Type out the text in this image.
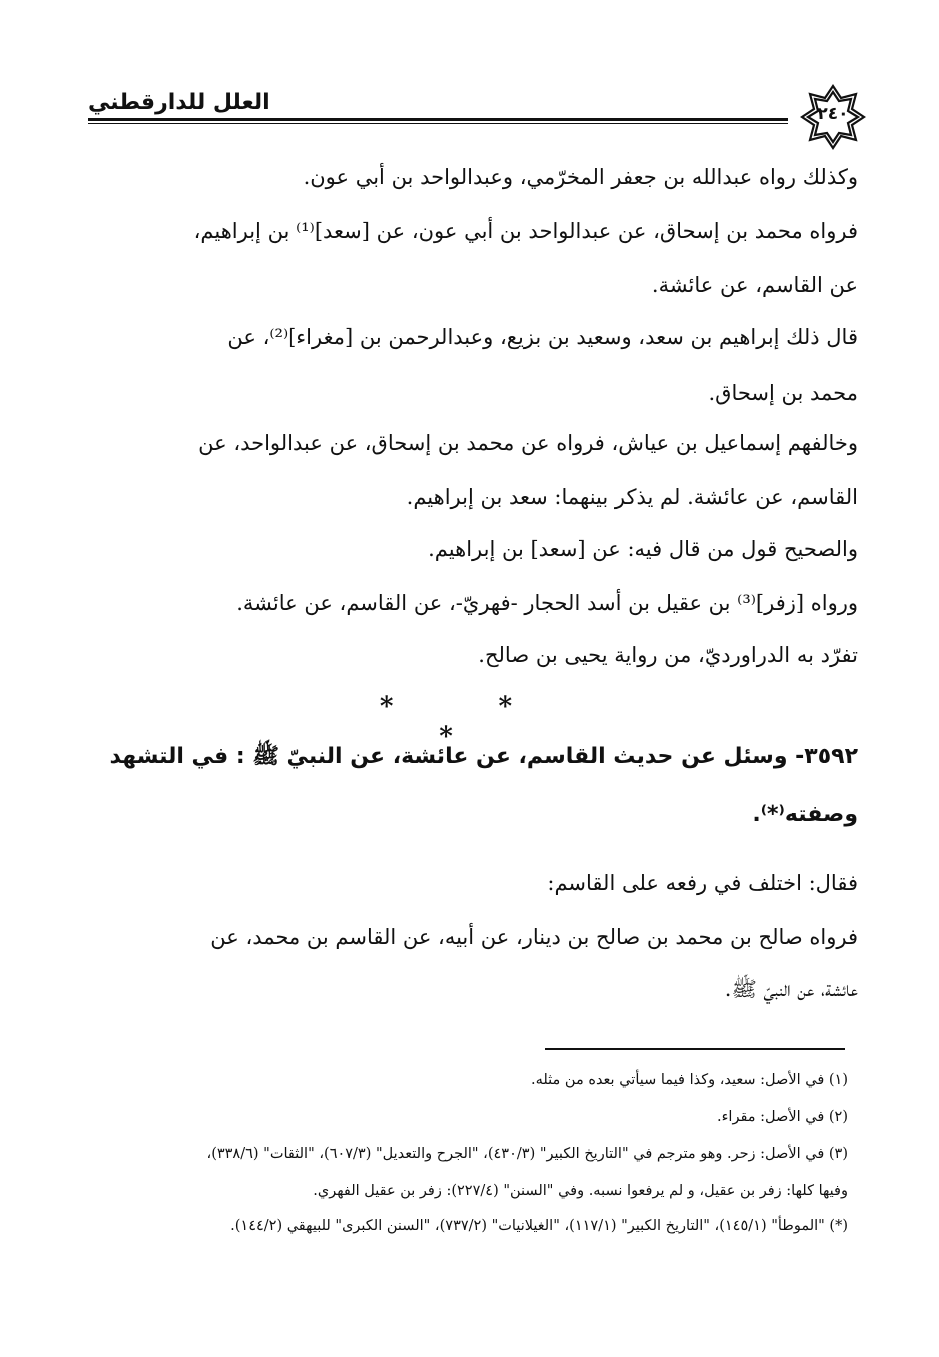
العلل للدارقطني	٢٤٠
وكذلك رواه عبدالله بن جعفر المخرّمي، وعبدالواحد بن أبي عون.
فرواه محمد بن إسحاق، عن عبدالواحد بن أبي عون، عن [سعد]⁽¹⁾ بن إبراهيم،
عن القاسم، عن عائشة.
قال ذلك إبراهيم بن سعد، وسعيد بن بزيع، وعبدالرحمن بن [مغراء]⁽²⁾، عن
محمد بن إسحاق.
وخالفهم إسماعيل بن عياش، فرواه عن محمد بن إسحاق، عن عبدالواحد، عن
القاسم، عن عائشة. لم يذكر بينهما: سعد بن إبراهيم.
والصحيح قول من قال فيه: عن [سعد] بن إبراهيم.
ورواه [زفر]⁽³⁾ بن عقيل بن أسد الحجار -فهريّ-، عن القاسم، عن عائشة.
تفرّد به الدراورديّ، من رواية يحيى بن صالح.
* * *
٣٥٩٢- وسئل عن حديث القاسم، عن عائشة، عن النبيّ ﷺ : في التشهد
وصفته⁽*⁾.
فقال: اختلف في رفعه على القاسم:
فرواه صالح بن محمد بن صالح بن دينار، عن أبيه، عن القاسم بن محمد، عن
عائشة، عن النبيّ ﷺ.
(١) في الأصل: سعيد، وكذا فيما سيأتي بعده من مثله.
(٢) في الأصل: مقراء.
(٣) في الأصل: زحر. وهو مترجم في "التاريخ الكبير" (٤٣٠/٣)، "الجرح والتعديل" (٦٠٧/٣)، "الثقات" (٣٣٨/٦)،
وفيها كلها: زفر بن عقيل، و لم يرفعوا نسبه. وفي "السنن" (٢٢٧/٤): زفر بن عقيل الفهري.
(*) "الموطأ" (١٤٥/١)، "التاريخ الكبير" (١١٧/١)، "الغيلانيات" (٧٣٧/٢)، "السنن الكبرى" للبيهقي (١٤٤/٢).
